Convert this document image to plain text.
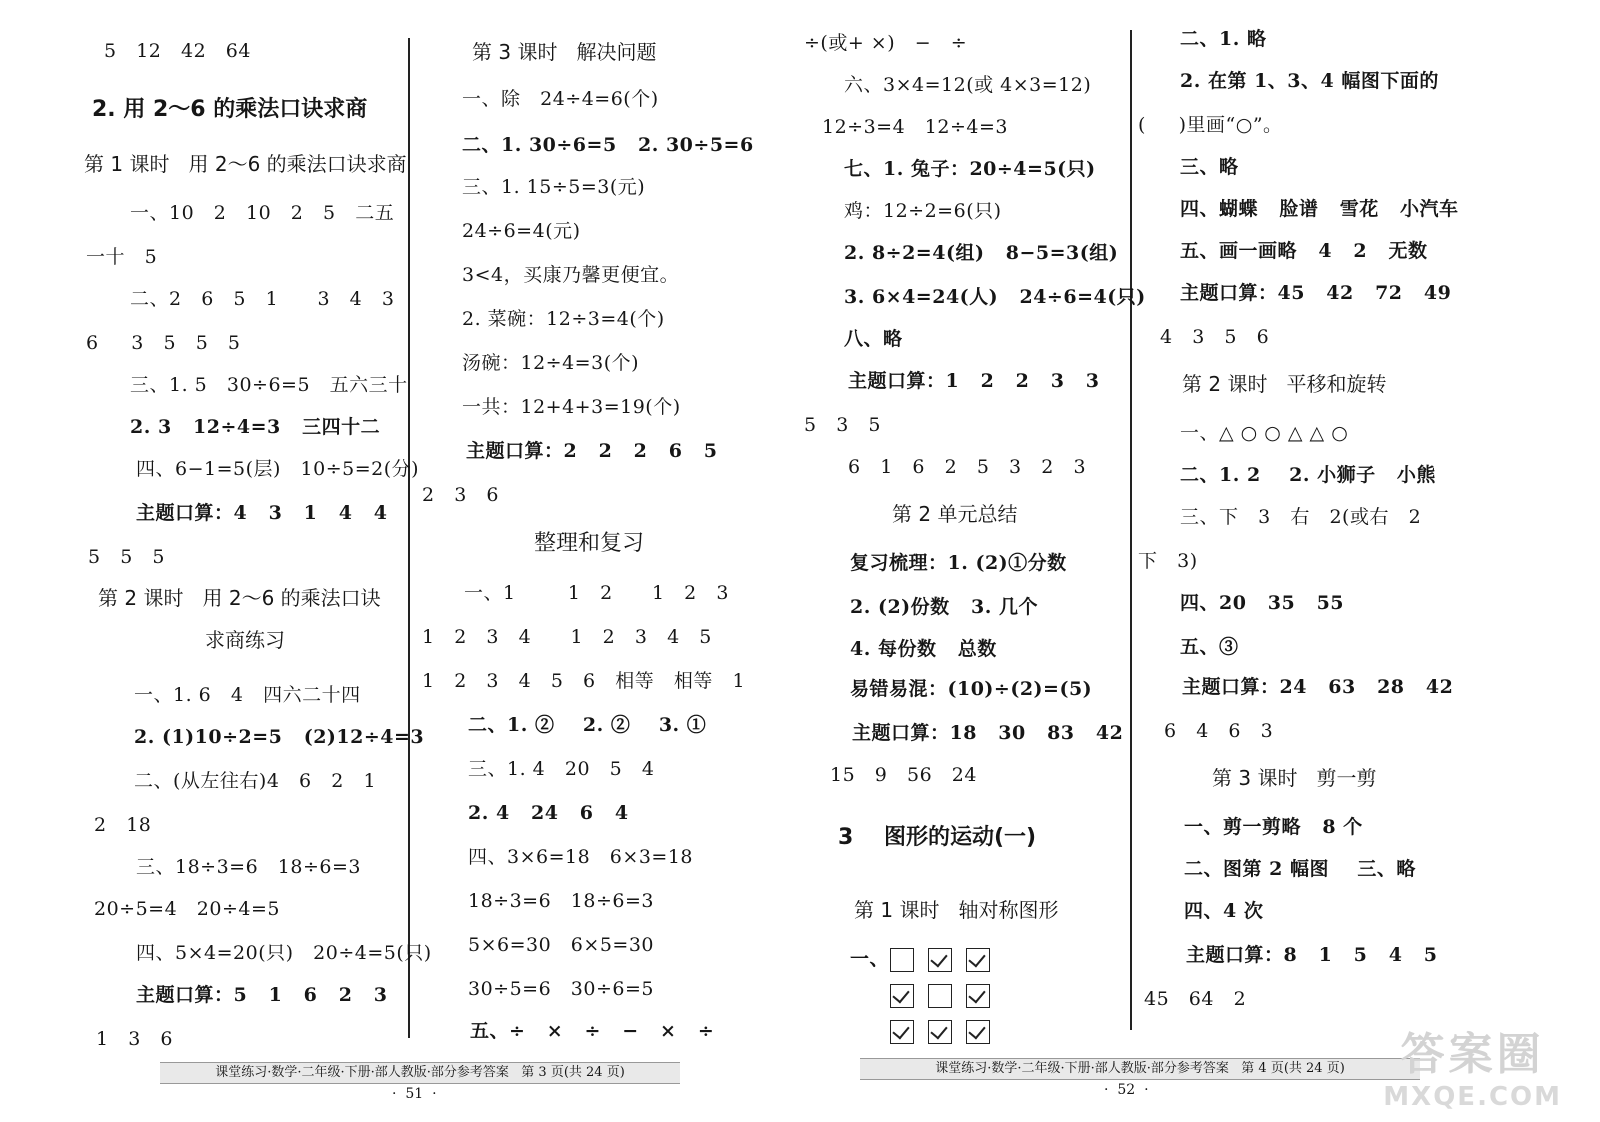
5   12   42   64
2. 用 2～6 的乘法口诀求商
第 1 课时   用 2～6 的乘法口诀求商
一、10   2   10   2   5   二五
一十   5
二、2   6   5   1      3   4   3
6     3   5   5   5
三、1. 5   30÷6=5   五六三十
2. 3   12÷4=3   三四十二
四、6−1=5(层)   10÷5=2(分)
主题口算：4   3   1   4   4
5   5   5
第 2 课时   用 2～6 的乘法口诀
求商练习
一、1. 6   4   四六二十四
2. (1)10÷2=5   (2)12÷4=3
二、(从左往右)4   6   2   1
2   18
三、18÷3=6   18÷6=3
20÷5=4   20÷4=5
四、5×4=20(只)   20÷4=5(只)
主题口算：5   1   6   2   3
1   3   6
第 3 课时   解决问题
一、除   24÷4=6(个)
二、1. 30÷6=5   2. 30÷5=6
三、1. 15÷5=3(元)
24÷6=4(元)
3<4，买康乃馨更便宜。
2. 菜碗：12÷3=4(个)
汤碗：12÷4=3(个)
一共：12+4+3=19(个)
主题口算：2   2   2   6   5
2   3   6
整理和复习
一、1        1   2      1   2   3
1   2   3   4      1   2   3   4   5
1   2   3   4   5   6   相等   相等   1
二、1. ②    2. ②    3. ①
三、1. 4   20   5   4
2. 4   24   6   4
四、3×6=18   6×3=18
18÷3=6   18÷6=3
5×6=30   6×5=30
30÷5=6   30÷6=5
五、÷   ×   ÷   −   ×   ÷
÷(或+ ×)   −   ÷
六、3×4=12(或 4×3=12)
12÷3=4   12÷4=3
七、1. 兔子：20÷4=5(只)
鸡：12÷2=6(只)
2. 8÷2=4(组)   8−5=3(组)
3. 6×4=24(人)   24÷6=4(只)
八、略
主题口算：1   2   2   3   3
5   3   5
6   1   6   2   5   3   2   3
第 2 单元总结
复习梳理：1. (2)①分数
2. (2)份数   3. 几个
4. 每份数   总数
易错易混：(10)÷(2)=(5)
主题口算：18   30   83   42
15   9   56   24
3    图形的运动(一)
第 1 课时   轴对称图形
一、
二、1. 略
2. 在第 1、3、4 幅图下面的
(     )里画“○”。
三、略
四、蝴蝶   脸谱   雪花   小汽车
五、画一画略   4   2   无数
主题口算：45   42   72   49
4   3   5   6
第 2 课时   平移和旋转
一、△ ○ ○ △ △ ○
二、1. 2    2. 小狮子   小熊
三、下   3   右   2(或右   2
下   3)
四、20   35   55
五、③
主题口算：24   63   28   42
6   4   6   3
第 3 课时   剪一剪
一、剪一剪略   8 个
二、图第 2 幅图    三、略
四、4 次
主题口算：8   1   5   4   5
45   64   2
课堂练习·数学·二年级·下册·部人教版·部分参考答案   第 3 页(共 24 页)
·  51  ·
课堂练习·数学·二年级·下册·部人教版·部分参考答案   第 4 页(共 24 页)
·  52  ·
答案圈
MXQE.COM
